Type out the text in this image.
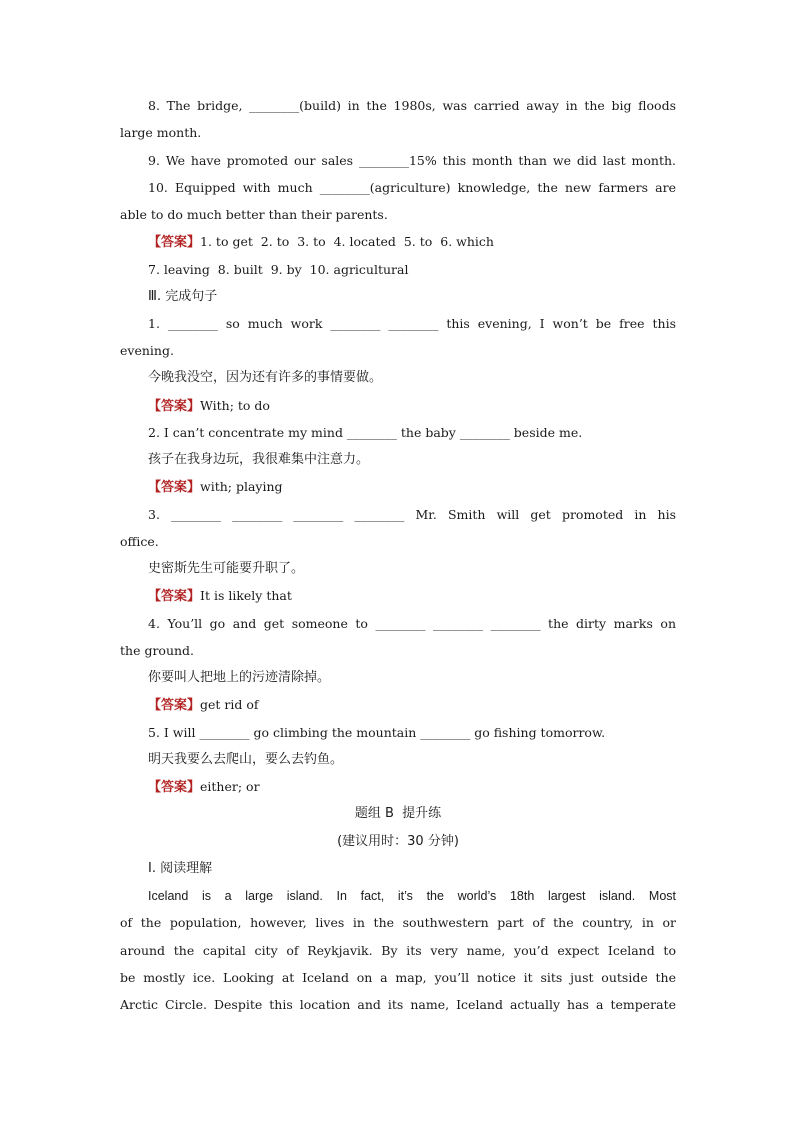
8. The bridge, ________(build) in the 1980s, was carried away in the big floods
large month.
9. We have promoted our sales ________15% this month than we did last month.
10. Equipped with much ________(agriculture) knowledge, the new farmers are
able to do much better than their parents.
【答案】1. to get  2. to  3. to  4. located  5. to  6. which
7. leaving  8. built  9. by  10. agricultural
Ⅲ. 完成句子
1. ________ so much work ________ ________ this evening, I won’t be free this
evening.
今晚我没空，因为还有许多的事情要做。
【答案】With; to do
2. I can’t concentrate my mind ________ the baby ________ beside me.
孩子在我身边玩，我很难集中注意力。
【答案】with; playing
3. ________ ________ ________ ________ Mr. Smith will get promoted in his
office.
史密斯先生可能要升职了。
【答案】It is likely that
4. You’ll go and get someone to ________ ________ ________ the dirty marks on
the ground.
你要叫人把地上的污迹清除掉。
【答案】get rid of
5. I will ________ go climbing the mountain ________ go fishing tomorrow.
明天我要么去爬山，要么去钓鱼。
【答案】either; or
题组 B  提升练
(建议用时：30 分钟)
Ⅰ. 阅读理解
Iceland is a large island. In fact, it’s the world’s 18th largest island. Most
of the population, however, lives in the southwestern part of the country, in or
around the capital city of Reykjavik. By its very name, you’d expect Iceland to
be mostly ice. Looking at Iceland on a map, you’ll notice it sits just outside the
Arctic Circle. Despite this location and its name, Iceland actually has a temperate
